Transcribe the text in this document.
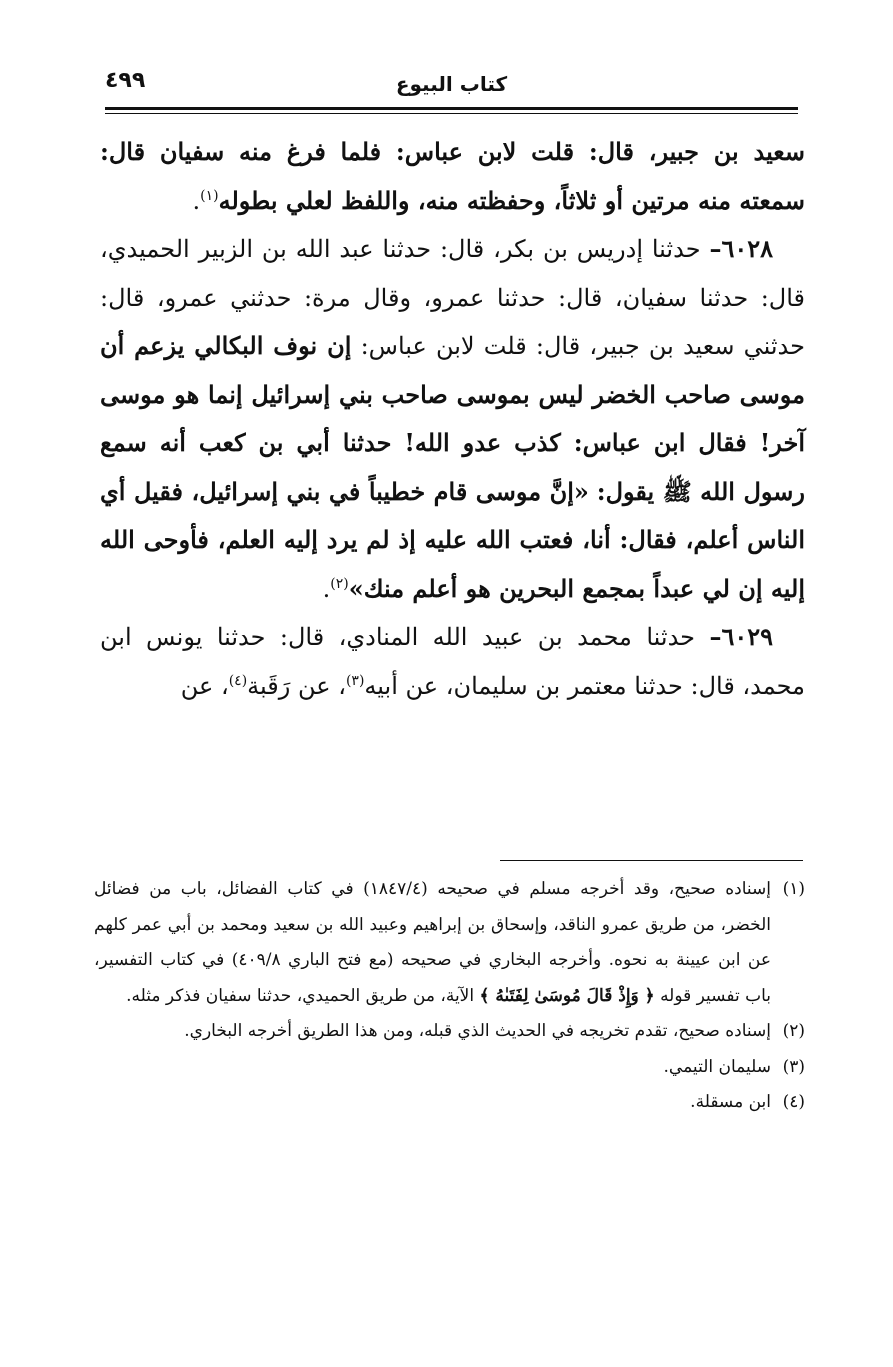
كتاب البيوع
٤٩٩

سعيد بن جبير، قال: قلت لابن عباس: فلما فرغ منه سفيان قال: سمعته منه مرتين أو ثلاثاً، وحفظته منه، واللفظ لعلي بطوله$^{(١)}$.

٦٠٢٨– حدثنا إدريس بن بكر، قال: حدثنا عبد الله بن الزبير الحميدي، قال: حدثنا سفيان، قال: حدثنا عمرو، وقال مرة: حدثني عمرو، قال: حدثني سعيد بن جبير، قال: قلت لابن عباس: إن نوف البكالي يزعم أن موسى صاحب الخضر ليس بموسى صاحب بني إسرائيل إنما هو موسى آخر! فقال ابن عباس: كذب عدو الله! حدثنا أبي بن كعب أنه سمع رسول الله ﷺ يقول: «إنَّ موسى قام خطيباً في بني إسرائيل، فقيل أي الناس أعلم، فقال: أنا، فعتب الله عليه إذ لم يرد إليه العلم، فأوحى الله إليه إن لي عبداً بمجمع البحرين هو أعلم منك»$^{(٢)}$.

٦٠٢٩– حدثنا محمد بن عبيد الله المنادي، قال: حدثنا يونس ابن محمد، قال: حدثنا معتمر بن سليمان، عن أبيه$^{(٣)}$، عن رَقَبة$^{(٤)}$، عن

(١)
إسناده صحيح، وقد أخرجه مسلم في صحيحه (١٨٤٧/٤) في كتاب الفضائل، باب من فضائل الخضر، من طريق عمرو الناقد، وإسحاق بن إبراهيم وعبيد الله بن سعيد ومحمد بن أبي عمر كلهم عن ابن عيينة به نحوه. وأخرجه البخاري في صحيحه (مع فتح الباري ٤٠٩/٨) في كتاب التفسير، باب تفسير قوله ﴿ وَإِذْ قَالَ مُوسَىٰ لِفَتَىٰهُ ﴾ الآية، من طريق الحميدي، حدثنا سفيان فذكر مثله.

(٢)
إسناده صحيح، تقدم تخريجه في الحديث الذي قبله، ومن هذا الطريق أخرجه البخاري.

(٣)
سليمان التيمي.

(٤)
ابن مسقلة.
